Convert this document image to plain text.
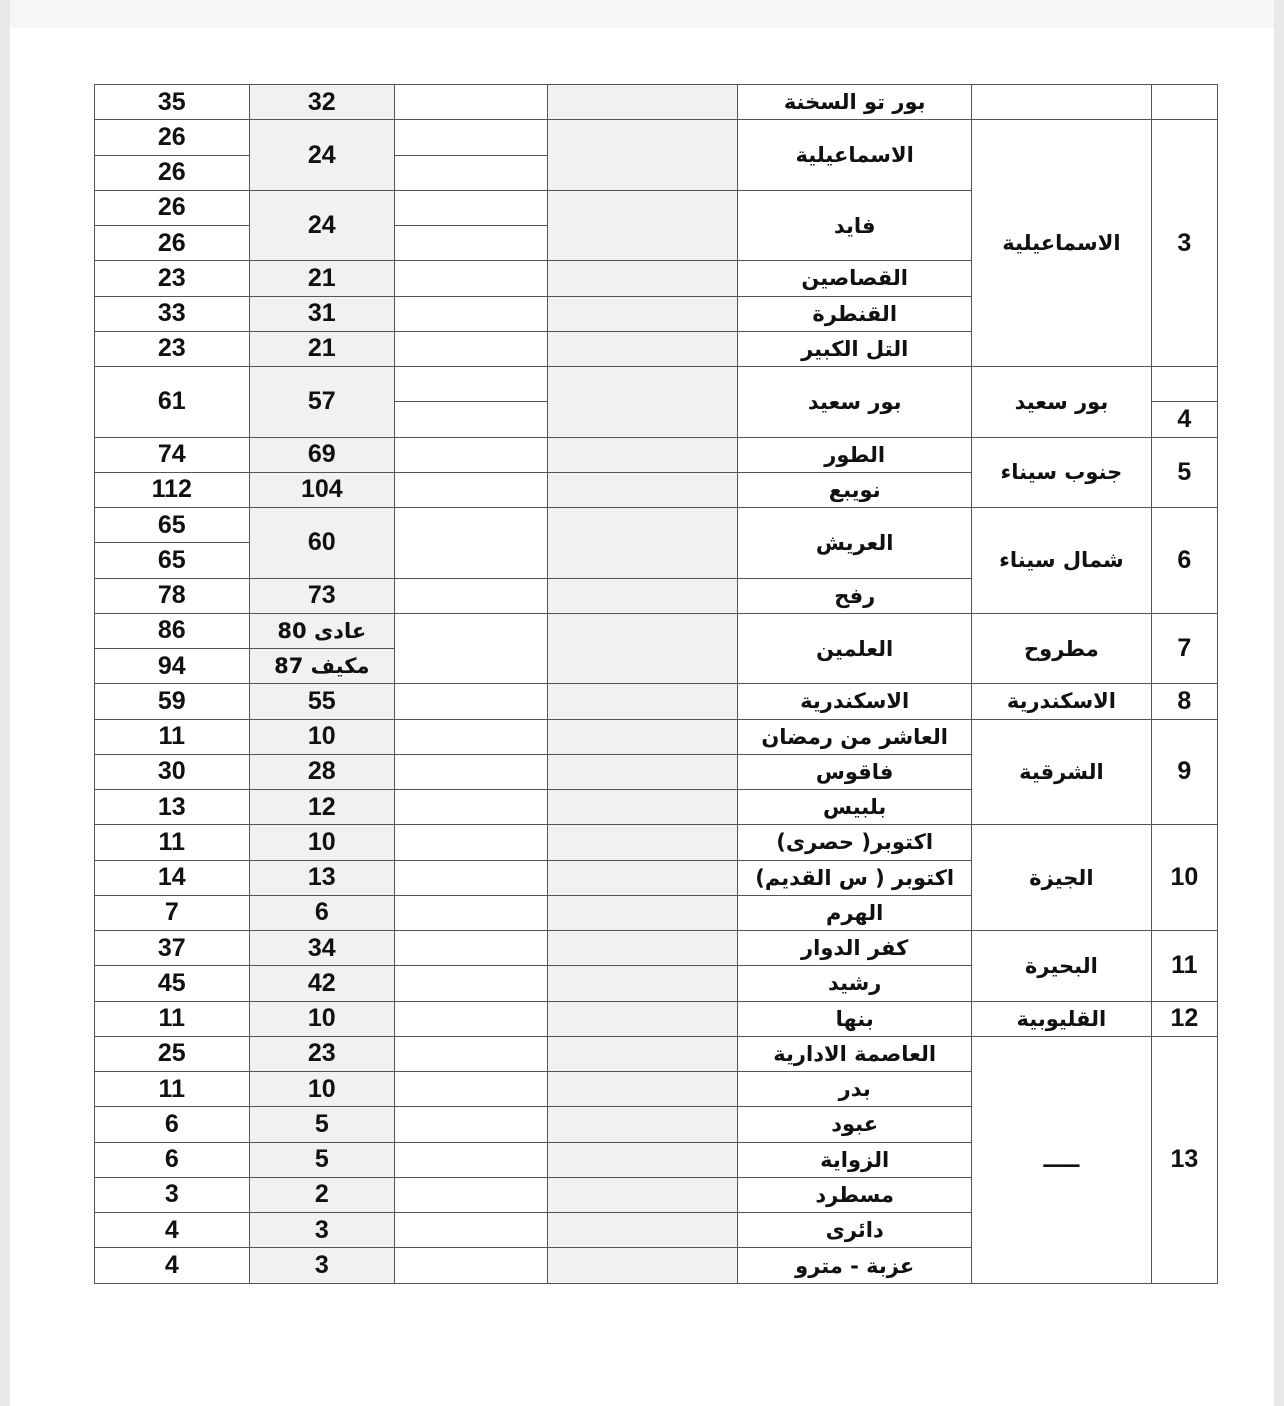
35	32			بور تو السخنة		
26	24			الاسماعيلية	الاسماعيلية	3
26						
26	24			فايد		
26						
23	21			القصاصين		
33	31			القنطرة		
23	21			التل الكبير		
61	57			بور سعيد	بور سعيد	
						4
74	69			الطور	جنوب سيناء	5
112	104			نويبع		
65	60			العريش	شمال سيناء	6
65						
78	73			رفح		
86	80 عادى			العلمين	مطروح	7
94	87 مكيف					
59	55			الاسكندرية	الاسكندرية	8
11	10			العاشر من رمضان	الشرقية	9
30	28			فاقوس		
13	12			بلبيس		
11	10			اكتوبر( حصرى)	الجيزة	10
14	13			اكتوبر ( س القديم)		
7	6			الهرم		
37	34			كفر الدوار	البحيرة	11
45	42			رشيد		
11	10			بنها	القليوبية	12
25	23			العاصمة الادارية	ـــــ	13
11	10			بدر		
6	5			عبود		
6	5			الزواية		
3	2			مسطرد		
4	3			دائرى		
4	3			عزبة - مترو		
